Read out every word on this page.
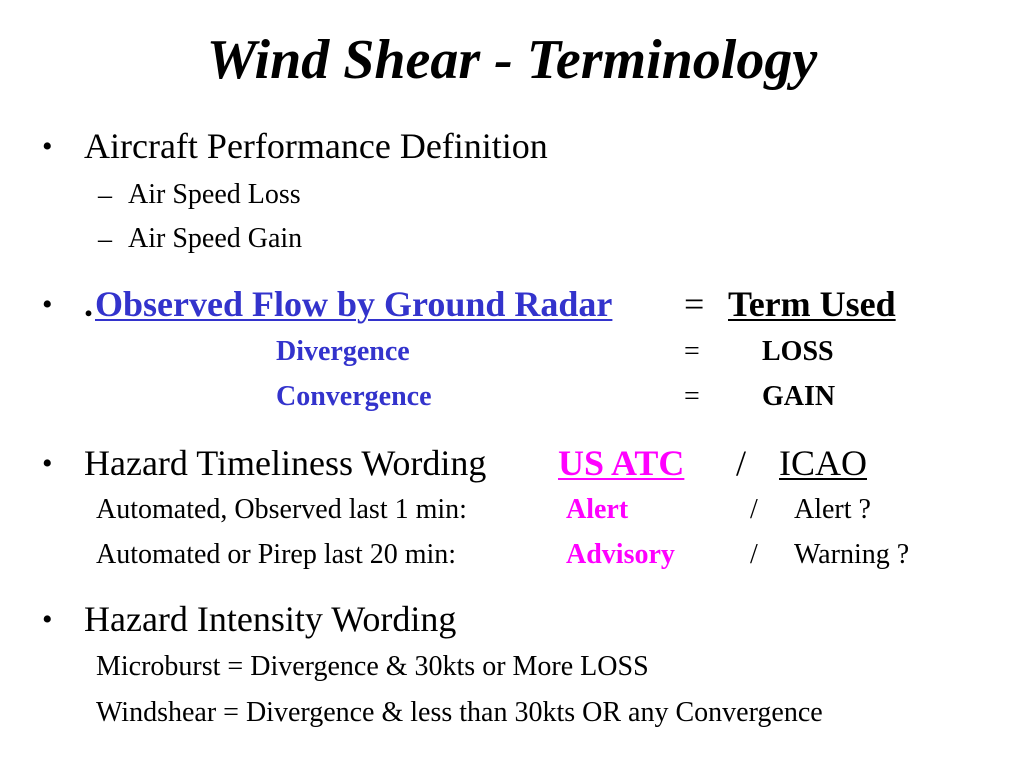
Wind Shear - Terminology
• Aircraft Performance Definition
– Air Speed Loss
– Air Speed Gain
• . Observed Flow by Ground Radar = Term Used
Divergence	= LOSS
Convergence	= GAIN
• Hazard Timeliness Wording US ATC / ICAO
Automated, Observed last 1 min:	Alert	/ Alert ?
Automated or Pirep last 20 min:	Advisory	/ Warning ?
• Hazard Intensity Wording
Microburst = Divergence & 30kts or More LOSS
Windshear = Divergence & less than 30kts OR any Convergence
